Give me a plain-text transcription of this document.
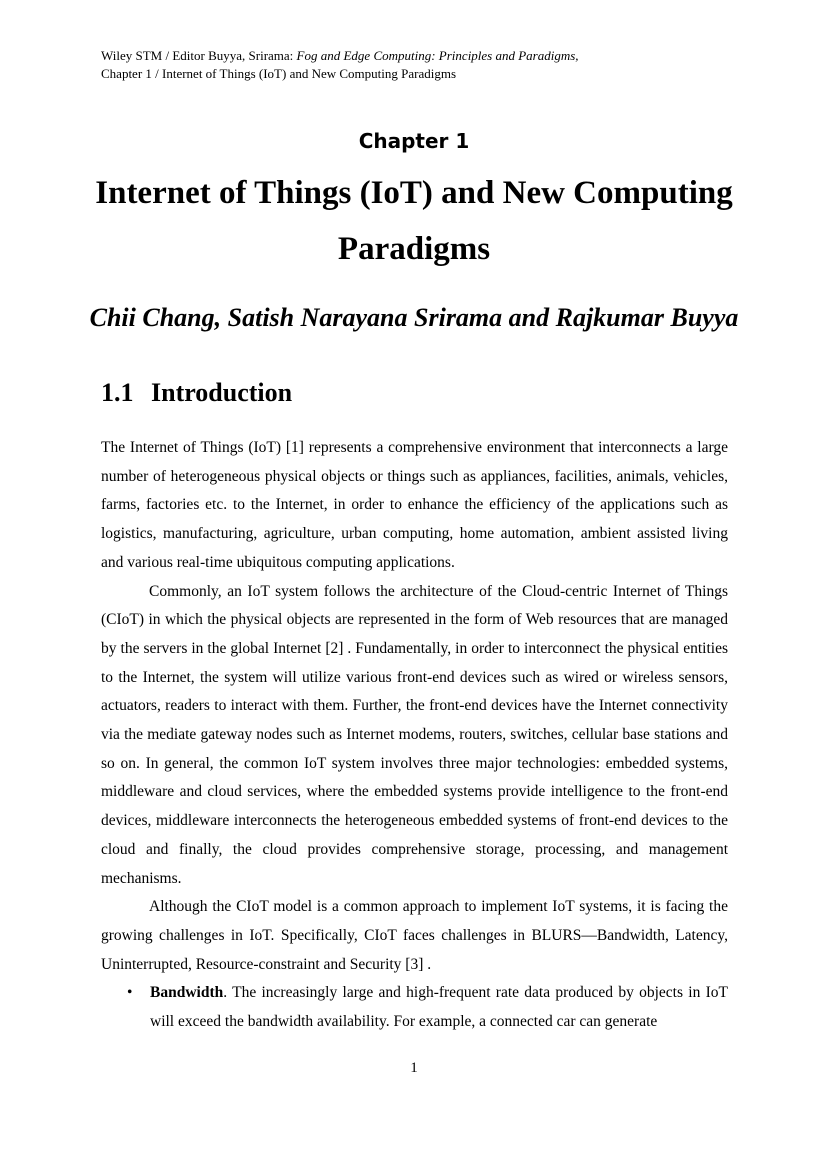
Wiley STM / Editor Buyya, Srirama: Fog and Edge Computing: Principles and Paradigms,
Chapter 1 / Internet of Things (IoT) and New Computing Paradigms
Chapter 1
Internet of Things (IoT) and New Computing Paradigms
Chii Chang, Satish Narayana Srirama and Rajkumar Buyya
1.1 Introduction

The Internet of Things (IoT) [1] represents a comprehensive environment that interconnects a large number of heterogeneous physical objects or things such as appliances, facilities, animals, vehicles, farms, factories etc. to the Internet, in order to enhance the efficiency of the applications such as logistics, manufacturing, agriculture, urban computing, home automation, ambient assisted living and various real-time ubiquitous computing applications.

Commonly, an IoT system follows the architecture of the Cloud-centric Internet of Things (CIoT) in which the physical objects are represented in the form of Web resources that are managed by the servers in the global Internet [2] . Fundamentally, in order to interconnect the physical entities to the Internet, the system will utilize various front-end devices such as wired or wireless sensors, actuators, readers to interact with them. Further, the front-end devices have the Internet connectivity via the mediate gateway nodes such as Internet modems, routers, switches, cellular base stations and so on. In general, the common IoT system involves three major technologies: embedded systems, middleware and cloud services, where the embedded systems provide intelligence to the front-end devices, middleware interconnects the heterogeneous embedded systems of front-end devices to the cloud and finally, the cloud provides comprehensive storage, processing, and management mechanisms.

Although the CIoT model is a common approach to implement IoT systems, it is facing the growing challenges in IoT. Specifically, CIoT faces challenges in BLURS—Bandwidth, Latency, Uninterrupted, Resource-constraint and Security [3] .

• Bandwidth. The increasingly large and high-frequent rate data produced by objects in IoT will exceed the bandwidth availability. For example, a connected car can generate

1
